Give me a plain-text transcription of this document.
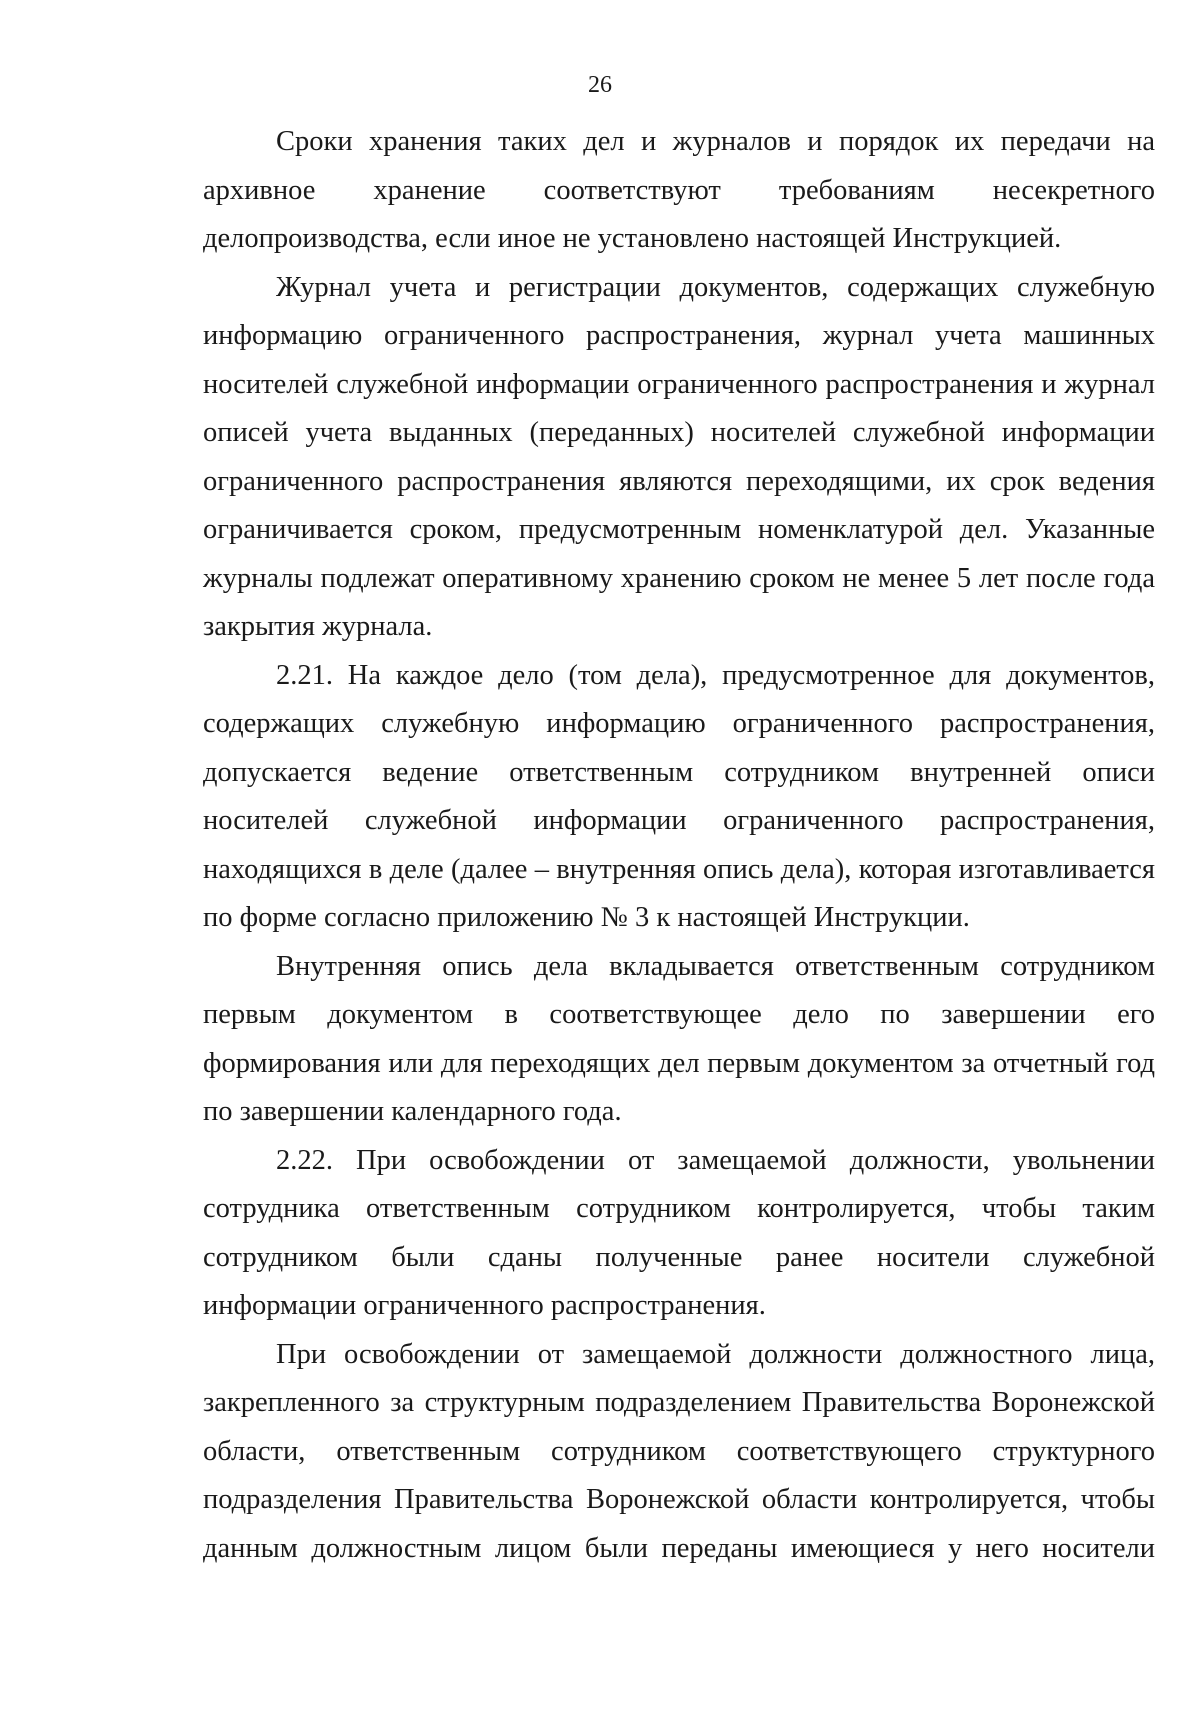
26

Сроки хранения таких дел и журналов и порядок их передачи на архивное хранение соответствуют требованиям несекретного делопроизводства, если иное не установлено настоящей Инструкцией.

Журнал учета и регистрации документов, содержащих служебную информацию ограниченного распространения, журнал учета машинных носителей служебной информации ограниченного распространения и журнал описей учета выданных (переданных) носителей служебной информации ограниченного распространения являются переходящими, их срок ведения ограничивается сроком, предусмотренным номенклатурой дел. Указанные журналы подлежат оперативному хранению сроком не менее 5 лет после года закрытия журнала.

2.21. На каждое дело (том дела), предусмотренное для документов, содержащих служебную информацию ограниченного распространения, допускается ведение ответственным сотрудником внутренней описи носителей служебной информации ограниченного распространения, находящихся в деле (далее – внутренняя опись дела), которая изготавливается по форме согласно приложению № 3 к настоящей Инструкции.

Внутренняя опись дела вкладывается ответственным сотрудником первым документом в соответствующее дело по завершении его формирования или для переходящих дел первым документом за отчетный год по завершении календарного года.

2.22. При освобождении от замещаемой должности, увольнении сотрудника ответственным сотрудником контролируется, чтобы таким сотрудником были сданы полученные ранее носители служебной информации ограниченного распространения.

При освобождении от замещаемой должности должностного лица, закрепленного за структурным подразделением Правительства Воронежской области, ответственным сотрудником соответствующего структурного подразделения Правительства Воронежской области контролируется, чтобы данным должностным лицом были переданы имеющиеся у него носители
